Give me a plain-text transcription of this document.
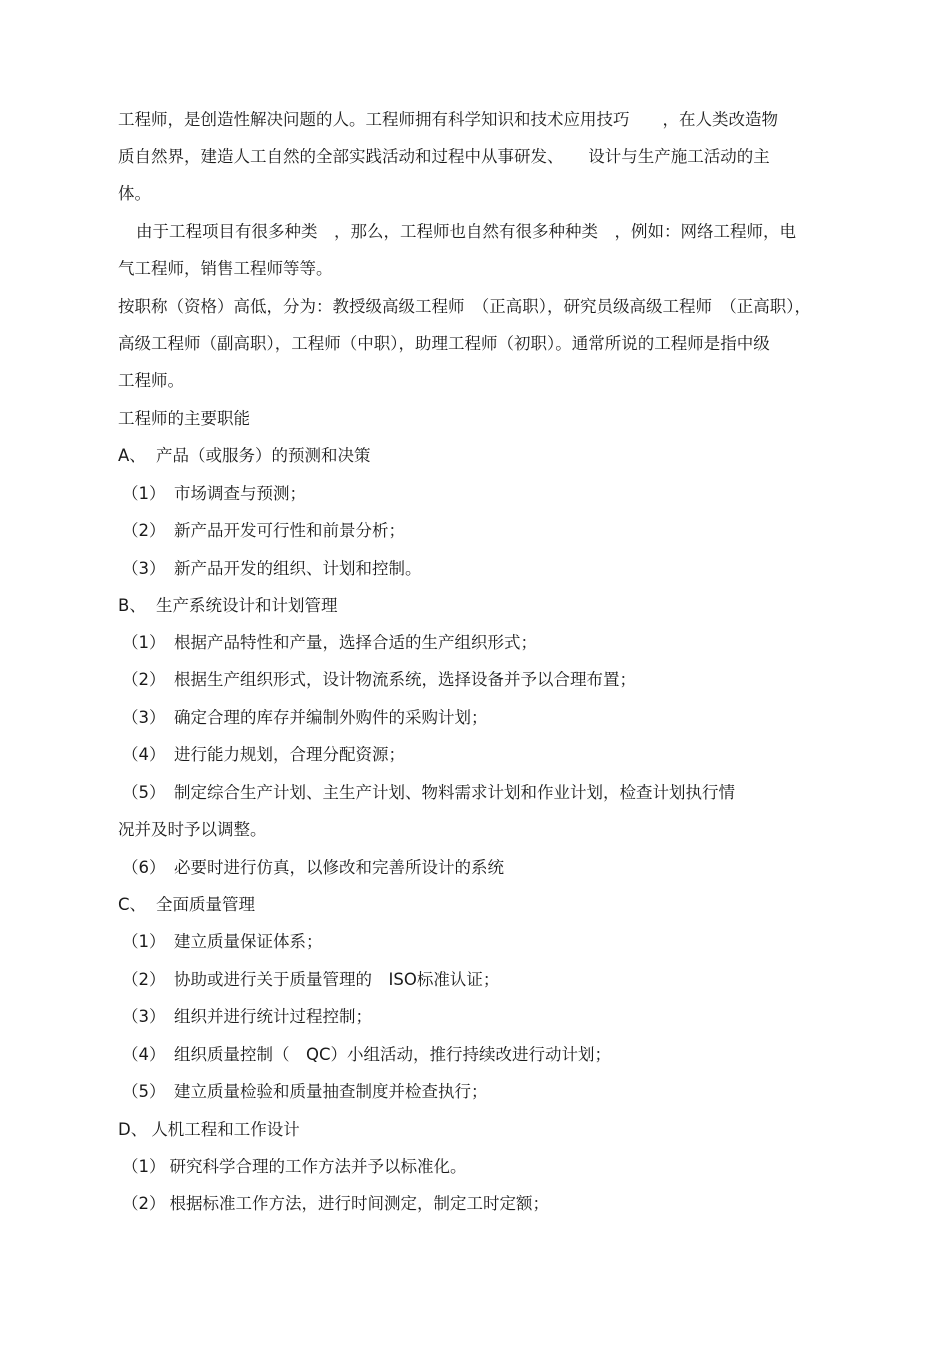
工程师，是创造性解决问题的人。工程师拥有科学知识和技术应用技巧　　，在人类改造物
质自然界，建造人工自然的全部实践活动和过程中从事研发、　　设计与生产施工活动的主
体。
由于工程项目有很多种类　，那么，工程师也自然有很多种种类　，例如：网络工程师，电
气工程师，销售工程师等等。
按职称（资格）高低，分为：教授级高级工程师　（正高职），研究员级高级工程师　（正高职），
高级工程师（副高职），工程师（中职），助理工程师（初职）。通常所说的工程师是指中级
工程师。
工程师的主要职能
A、 产品（或服务）的预测和决策
（1） 市场调查与预测；
（2） 新产品开发可行性和前景分析；
（3） 新产品开发的组织、计划和控制。
B、 生产系统设计和计划管理
（1） 根据产品特性和产量，选择合适的生产组织形式；
（2） 根据生产组织形式，设计物流系统，选择设备并予以合理布置；
（3） 确定合理的库存并编制外购件的采购计划；
（4） 进行能力规划，合理分配资源；
（5） 制定综合生产计划、主生产计划、物料需求计划和作业计划，检查计划执行情
况并及时予以调整。
（6） 必要时进行仿真，以修改和完善所设计的系统
C、 全面质量管理
（1） 建立质量保证体系；
（2） 协助或进行关于质量管理的　ISO标准认证；
（3） 组织并进行统计过程控制；
（4） 组织质量控制（　QC）小组活动，推行持续改进行动计划；
（5） 建立质量检验和质量抽查制度并检查执行；
D、 人机工程和工作设计
（1） 研究科学合理的工作方法并予以标准化。
（2） 根据标准工作方法，进行时间测定，制定工时定额；
